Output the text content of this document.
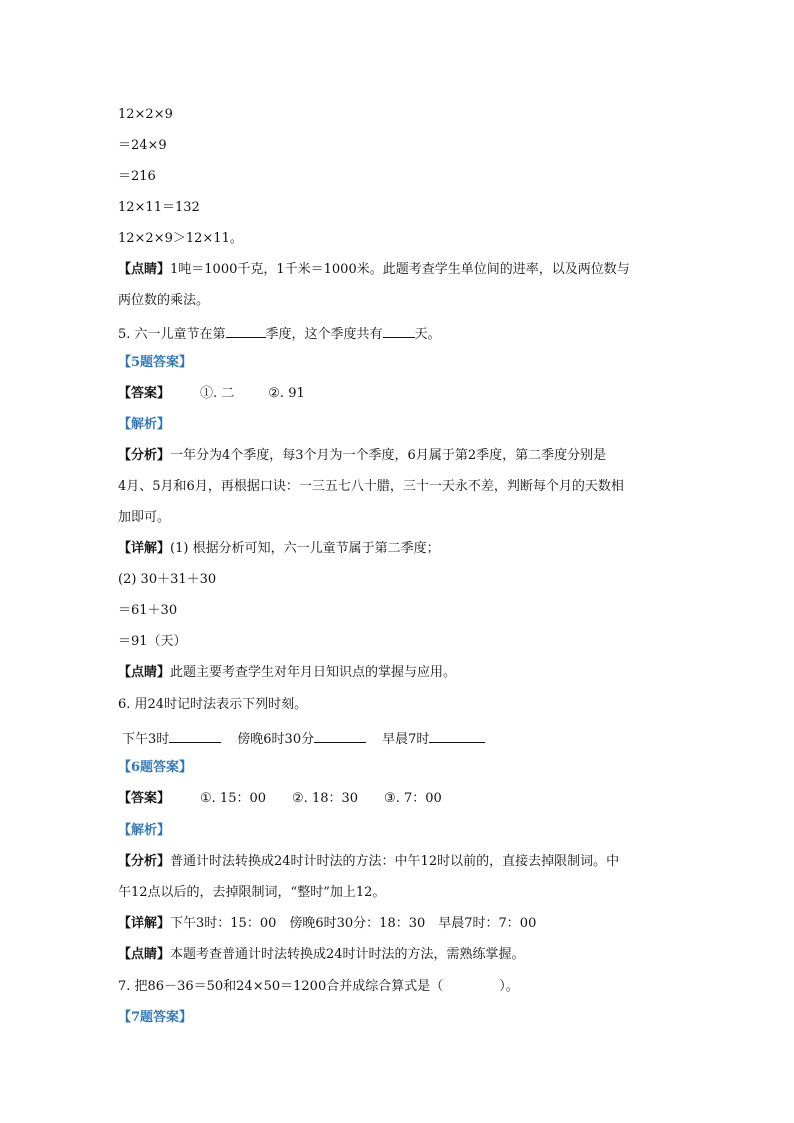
12×2×9
＝24×9
＝216
12×11＝132
12×2×9＞12×11。
【点睛】1吨＝1000千克，1千米＝1000米。此题考查学生单位间的进率，以及两位数与
两位数的乘法。
5. 六一儿童节在第	季度，这个季度共有 天。
【5题答案】
【答案】 ①. 二	②. 91
【解析】
【分析】一年分为4个季度，每3个月为一个季度，6月属于第2季度，第二季度分别是
4月、5月和6月，再根据口诀：一三五七八十腊，三十一天永不差，判断每个月的天数相
加即可。
【详解】(1) 根据分析可知，六一儿童节属于第二季度；
(2) 30＋31＋30
＝61＋30
＝91（天）
【点睛】此题主要考查学生对年月日知识点的掌握与应用。
6. 用24时记时法表示下列时刻。
下午3时	傍晚6时30分	早晨7时
【6题答案】
【答案】 ①. 15：00 ②. 18：30 ③. 7：00
【解析】
【分析】普通计时法转换成24时计时法的方法：中午12时以前的，直接去掉限制词。中
午12点以后的，去掉限制词，“整时”加上12。
【详解】下午3时：15：00　傍晚6时30分：18：30　早晨7时：7：00
【点睛】本题考查普通计时法转换成24时计时法的方法，需熟练掌握。
7. 把86－36＝50和24×50＝1200合并成综合算式是（	）。
【7题答案】
